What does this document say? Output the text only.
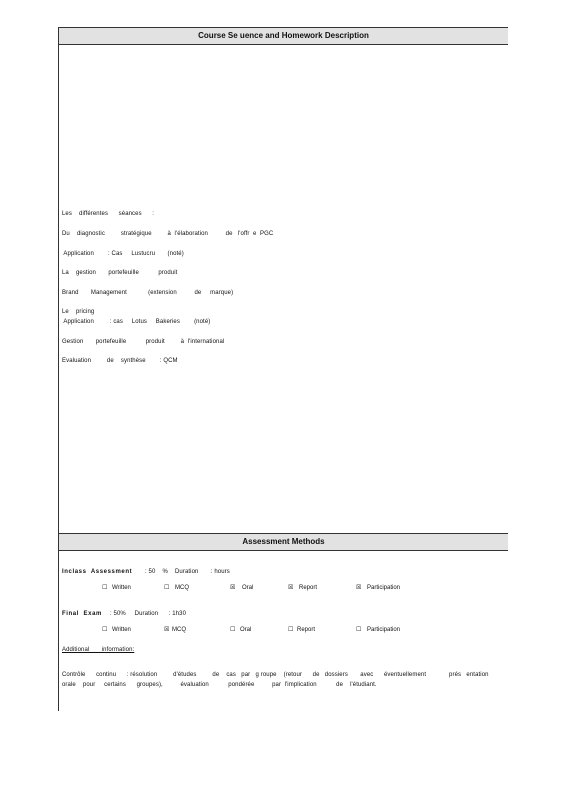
Course Se uence and Homework Description
Assessment Methods
Les    différentes      séances      :
Du    diagnostic         stratégique         à  l'élaboration          de   l'offr  e  PGC
Application        : Cas     Lustucru       (noté)
La    gestion       portefeuille           produit
Brand       Management            (extension          de     marque)
Le    pricing
Application         : cas     Lotus     Bakeries        (noté)
Gestion       portefeuille           produit         à  l'international
Evaluation         de    synthèse        : QCM
Inclass  Assessment : 50    %    Duration       : hours
☐ Written	☐ MCQ	☒ Oral	☒ Report	☒ Participation
Final  Exam : 50%     Duration      : 1h30
☐ Written	☒ MCQ	☐ Oral	☐ Report	☐ Participation
Additional       information:
Contrôle      continu      : résolution         d'études         de    cas   par   g roupe    (retour      de   dossiers       avec      éventuellement             prés   entation
orale    pour     certains      groupes),          évaluation           pondérée          par  l'implication           de    l'étudiant.
